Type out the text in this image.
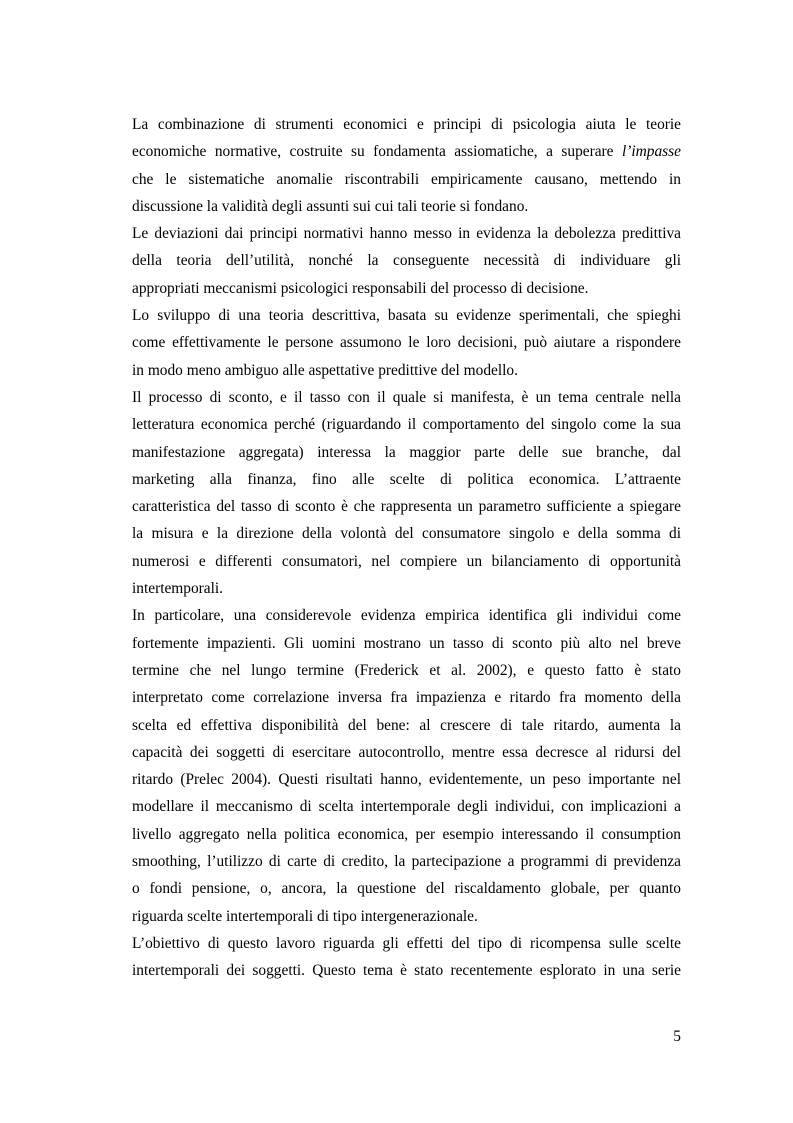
La combinazione di strumenti economici e principi di psicologia aiuta le teorie
economiche normative, costruite su fondamenta assiomatiche, a superare l’impasse
che le sistematiche anomalie riscontrabili empiricamente causano, mettendo in
discussione la validità degli assunti sui cui tali teorie si fondano.

Le deviazioni dai principi normativi hanno messo in evidenza la debolezza predittiva
della teoria dell’utilità, nonché la conseguente necessità di individuare gli
appropriati meccanismi psicologici responsabili del processo di decisione.

Lo sviluppo di una teoria descrittiva, basata su evidenze sperimentali, che spieghi
come effettivamente le persone assumono le loro decisioni, può aiutare a rispondere
in modo meno ambiguo alle aspettative predittive del modello.

Il processo di sconto, e il tasso con il quale si manifesta, è un tema centrale nella
letteratura economica perché (riguardando il comportamento del singolo come la sua
manifestazione aggregata) interessa la maggior parte delle sue branche, dal
marketing alla finanza, fino alle scelte di politica economica. L’attraente
caratteristica del tasso di sconto è che rappresenta un parametro sufficiente a spiegare
la misura e la direzione della volontà del consumatore singolo e della somma di
numerosi e differenti consumatori, nel compiere un bilanciamento di opportunità
intertemporali.

In particolare, una considerevole evidenza empirica identifica gli individui come
fortemente impazienti. Gli uomini mostrano un tasso di sconto più alto nel breve
termine che nel lungo termine (Frederick et al. 2002), e questo fatto è stato
interpretato come correlazione inversa fra impazienza e ritardo fra momento della
scelta ed effettiva disponibilità del bene: al crescere di tale ritardo, aumenta la
capacità dei soggetti di esercitare autocontrollo, mentre essa decresce al ridursi del
ritardo (Prelec 2004). Questi risultati hanno, evidentemente, un peso importante nel
modellare il meccanismo di scelta intertemporale degli individui, con implicazioni a
livello aggregato nella politica economica, per esempio interessando il consumption
smoothing, l’utilizzo di carte di credito, la partecipazione a programmi di previdenza
o fondi pensione, o, ancora, la questione del riscaldamento globale, per quanto
riguarda scelte intertemporali di tipo intergenerazionale.

L’obiettivo di questo lavoro riguarda gli effetti del tipo di ricompensa sulle scelte
intertemporali dei soggetti. Questo tema è stato recentemente esplorato in una serie

5
